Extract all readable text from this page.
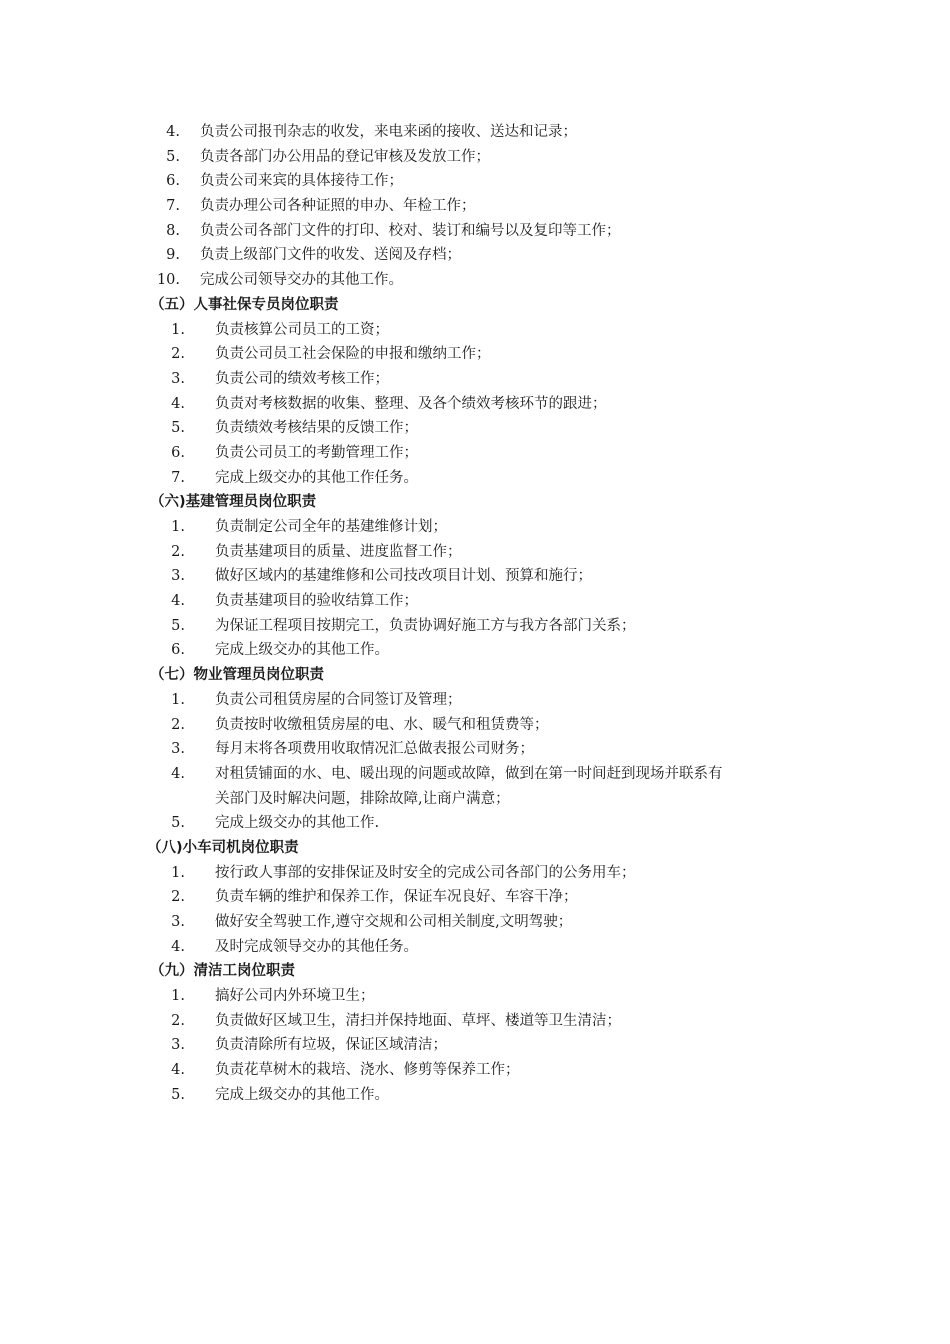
4. 负责公司报刊杂志的收发，来电来函的接收、送达和记录；
5. 负责各部门办公用品的登记审核及发放工作；
6. 负责公司来宾的具体接待工作；
7. 负责办理公司各种证照的申办、年检工作；
8. 负责公司各部门文件的打印、校对、装订和编号以及复印等工作；
9. 负责上级部门文件的收发、送阅及存档；
10. 完成公司领导交办的其他工作。
（五）人事社保专员岗位职责
1. 负责核算公司员工的工资；
2. 负责公司员工社会保险的申报和缴纳工作；
3. 负责公司的绩效考核工作；
4. 负责对考核数据的收集、整理、及各个绩效考核环节的跟进；
5. 负责绩效考核结果的反馈工作；
6. 负责公司员工的考勤管理工作；
7. 完成上级交办的其他工作任务。
（六)基建管理员岗位职责
1. 负责制定公司全年的基建维修计划；
2. 负责基建项目的质量、进度监督工作；
3. 做好区域内的基建维修和公司技改项目计划、预算和施行；
4. 负责基建项目的验收结算工作；
5. 为保证工程项目按期完工，负责协调好施工方与我方各部门关系；
6. 完成上级交办的其他工作。
（七）物业管理员岗位职责
1. 负责公司租赁房屋的合同签订及管理；
2. 负责按时收缴租赁房屋的电、水、暖气和租赁费等；
3. 每月末将各项费用收取情况汇总做表报公司财务；
4. 对租赁铺面的水、电、暖出现的问题或故障，做到在第一时间赶到现场并联系有
关部门及时解决问题，排除故障,让商户满意；
5. 完成上级交办的其他工作.
（八)小车司机岗位职责
1. 按行政人事部的安排保证及时安全的完成公司各部门的公务用车；
2. 负责车辆的维护和保养工作，保证车况良好、车容干净；
3. 做好安全驾驶工作,遵守交规和公司相关制度,文明驾驶；
4. 及时完成领导交办的其他任务。
（九）清洁工岗位职责
1. 搞好公司内外环境卫生；
2. 负责做好区域卫生，清扫并保持地面、草坪、楼道等卫生清洁；
3. 负责清除所有垃圾，保证区域清洁；
4. 负责花草树木的栽培、浇水、修剪等保养工作；
5. 完成上级交办的其他工作。
